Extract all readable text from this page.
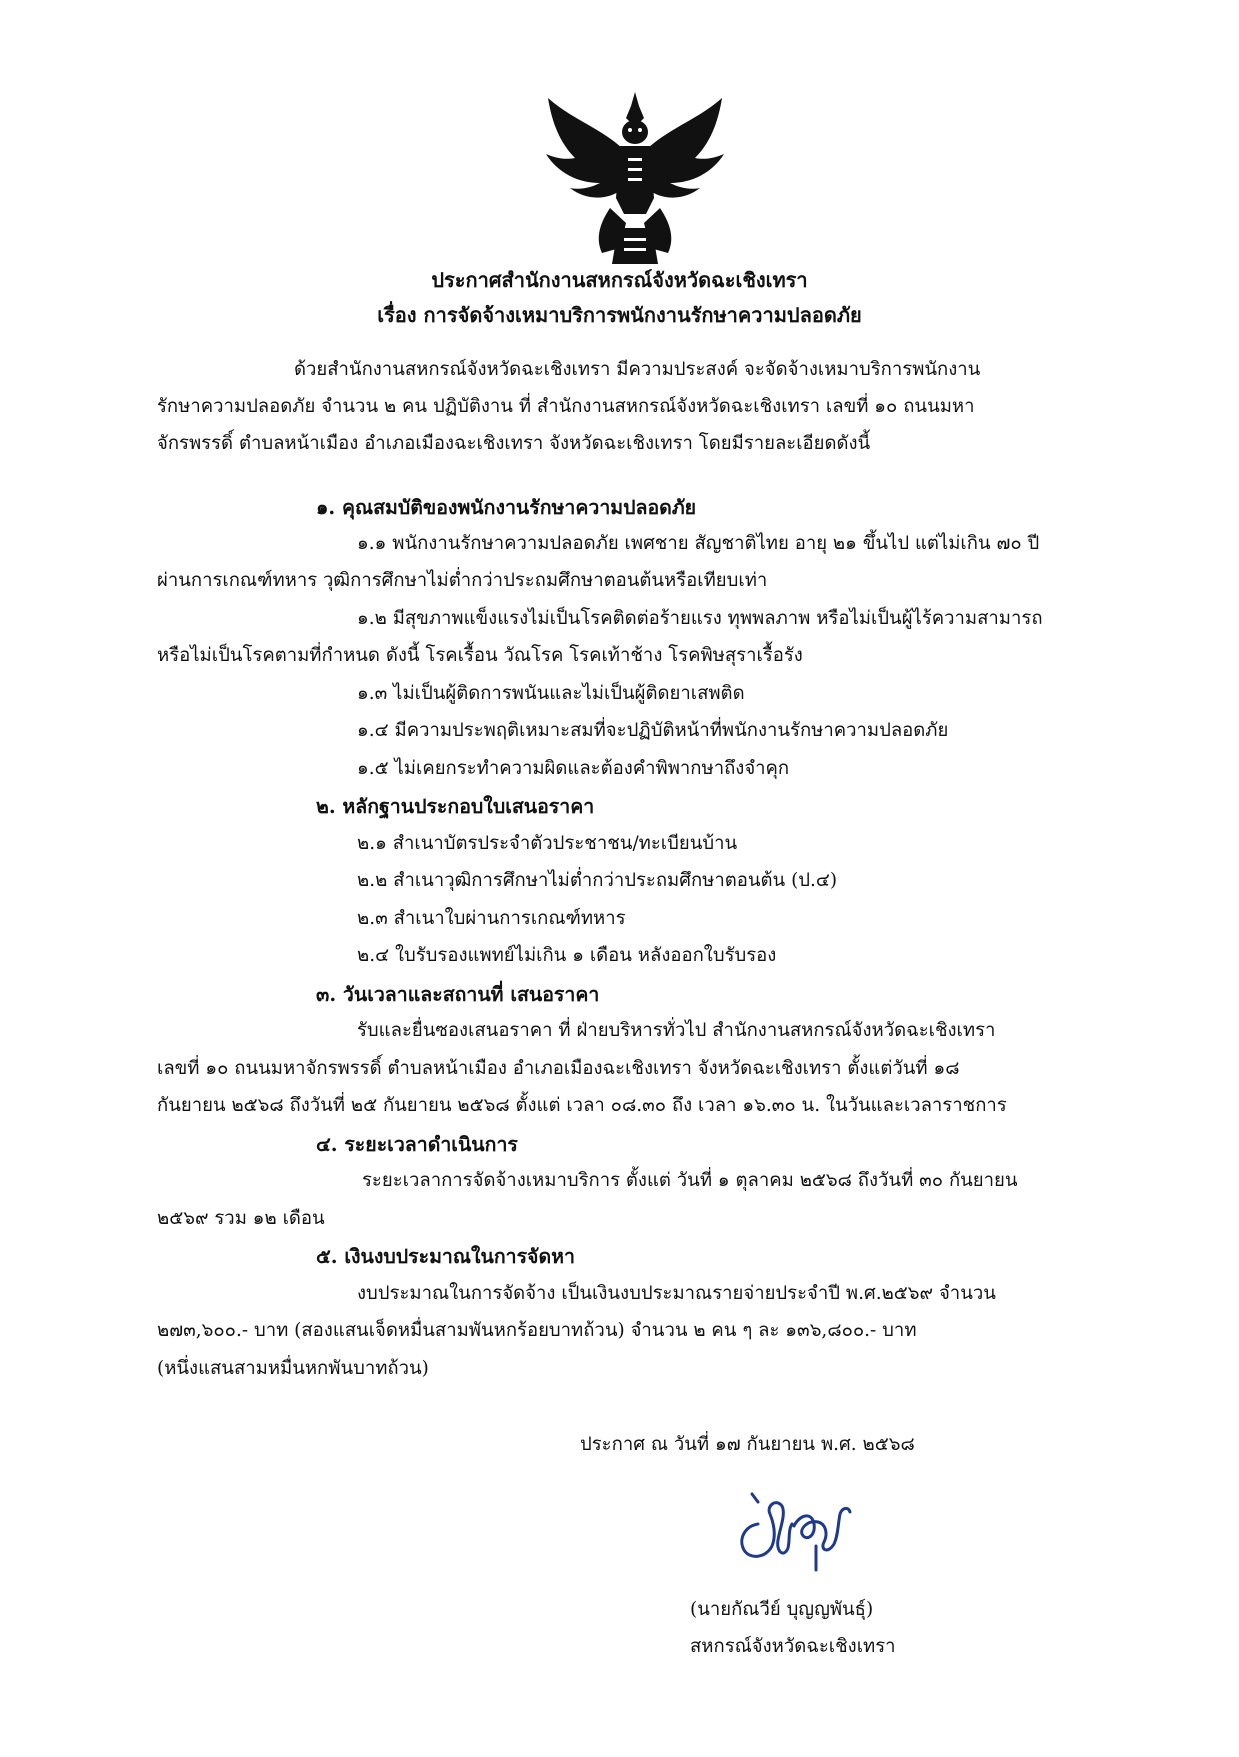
ประกาศสำนักงานสหกรณ์จังหวัดฉะเชิงเทรา
เรื่อง การจัดจ้างเหมาบริการพนักงานรักษาความปลอดภัย
ด้วยสำนักงานสหกรณ์จังหวัดฉะเชิงเทรา มีความประสงค์ จะจัดจ้างเหมาบริการพนักงาน
รักษาความปลอดภัย จำนวน ๒ คน ปฏิบัติงาน ที่ สำนักงานสหกรณ์จังหวัดฉะเชิงเทรา เลขที่ ๑๐ ถนนมหา
จักรพรรดิ์ ตำบลหน้าเมือง อำเภอเมืองฉะเชิงเทรา จังหวัดฉะเชิงเทรา โดยมีรายละเอียดดังนี้
๑. คุณสมบัติของพนักงานรักษาความปลอดภัย
๑.๑ พนักงานรักษาความปลอดภัย เพศชาย สัญชาติไทย อายุ ๒๑ ขึ้นไป แต่ไม่เกิน ๗๐ ปี
ผ่านการเกณฑ์ทหาร วุฒิการศึกษาไม่ต่ำกว่าประถมศึกษาตอนต้นหรือเทียบเท่า
๑.๒ มีสุขภาพแข็งแรงไม่เป็นโรคติดต่อร้ายแรง ทุพพลภาพ หรือไม่เป็นผู้ไร้ความสามารถ
หรือไม่เป็นโรคตามที่กำหนด ดังนี้ โรคเรื้อน วัณโรค โรคเท้าช้าง โรคพิษสุราเรื้อรัง
๑.๓ ไม่เป็นผู้ติดการพนันและไม่เป็นผู้ติดยาเสพติด
๑.๔ มีความประพฤติเหมาะสมที่จะปฏิบัติหน้าที่พนักงานรักษาความปลอดภัย
๑.๕ ไม่เคยกระทำความผิดและต้องคำพิพากษาถึงจำคุก
๒. หลักฐานประกอบใบเสนอราคา
๒.๑ สำเนาบัตรประจำตัวประชาชน/ทะเบียนบ้าน
๒.๒ สำเนาวุฒิการศึกษาไม่ต่ำกว่าประถมศึกษาตอนต้น (ป.๔)
๒.๓ สำเนาใบผ่านการเกณฑ์ทหาร
๒.๔ ใบรับรองแพทย์ไม่เกิน ๑ เดือน หลังออกใบรับรอง
๓. วันเวลาและสถานที่ เสนอราคา
รับและยื่นซองเสนอราคา ที่ ฝ่ายบริหารทั่วไป สำนักงานสหกรณ์จังหวัดฉะเชิงเทรา
เลขที่ ๑๐ ถนนมหาจักรพรรดิ์ ตำบลหน้าเมือง อำเภอเมืองฉะเชิงเทรา จังหวัดฉะเชิงเทรา ตั้งแต่วันที่ ๑๘
กันยายน ๒๕๖๘ ถึงวันที่ ๒๕ กันยายน ๒๕๖๘ ตั้งแต่ เวลา ๐๘.๓๐ ถึง เวลา ๑๖.๓๐ น. ในวันและเวลาราชการ
๔. ระยะเวลาดำเนินการ
ระยะเวลาการจัดจ้างเหมาบริการ ตั้งแต่ วันที่ ๑ ตุลาคม ๒๕๖๘ ถึงวันที่ ๓๐ กันยายน
๒๕๖๙ รวม ๑๒ เดือน
๕. เงินงบประมาณในการจัดหา
งบประมาณในการจัดจ้าง เป็นเงินงบประมาณรายจ่ายประจำปี พ.ศ.๒๕๖๙ จำนวน
๒๗๓,๖๐๐.- บาท (สองแสนเจ็ดหมื่นสามพันหกร้อยบาทถ้วน) จำนวน ๒ คน ๆ ละ ๑๓๖,๘๐๐.- บาท
(หนึ่งแสนสามหมื่นหกพันบาทถ้วน)
ประกาศ ณ วันที่ ๑๗ กันยายน พ.ศ. ๒๕๖๘
(นายกัณวีย์ บุญญพันธุ์)
สหกรณ์จังหวัดฉะเชิงเทรา
